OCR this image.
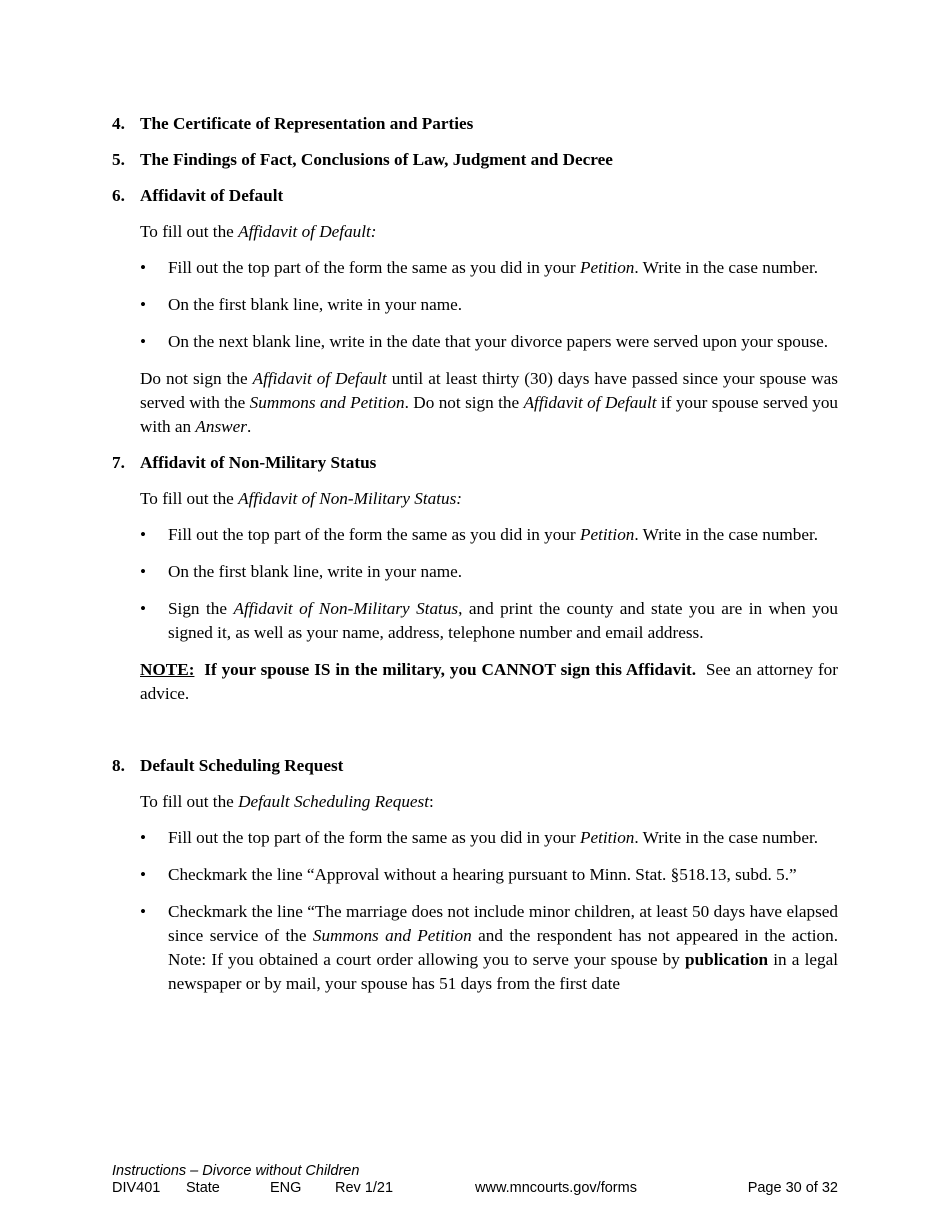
4. The Certificate of Representation and Parties
5. The Findings of Fact, Conclusions of Law, Judgment and Decree
6. Affidavit of Default

To fill out the Affidavit of Default:

• Fill out the top part of the form the same as you did in your Petition. Write in the case number.
• On the first blank line, write in your name.
• On the next blank line, write in the date that your divorce papers were served upon your spouse.

Do not sign the Affidavit of Default until at least thirty (30) days have passed since your spouse was served with the Summons and Petition. Do not sign the Affidavit of Default if your spouse served you with an Answer.

7. Affidavit of Non-Military Status

To fill out the Affidavit of Non-Military Status:

• Fill out the top part of the form the same as you did in your Petition. Write in the case number.
• On the first blank line, write in your name.
• Sign the Affidavit of Non-Military Status, and print the county and state you are in when you signed it, as well as your name, address, telephone number and email address.

NOTE:  If your spouse IS in the military, you CANNOT sign this Affidavit.  See an attorney for advice.

8. Default Scheduling Request

To fill out the Default Scheduling Request:

• Fill out the top part of the form the same as you did in your Petition. Write in the case number.
• Checkmark the line “Approval without a hearing pursuant to Minn. Stat. §518.13, subd. 5.”
• Checkmark the line “The marriage does not include minor children, at least 50 days have elapsed since service of the Summons and Petition and the respondent has not appeared in the action. Note: If you obtained a court order allowing you to serve your spouse by publication in a legal newspaper or by mail, your spouse has 51 days from the first date
Instructions – Divorce without Children
DIV401 State	ENG Rev 1/21	www.mncourts.gov/forms	Page 30 of 32
